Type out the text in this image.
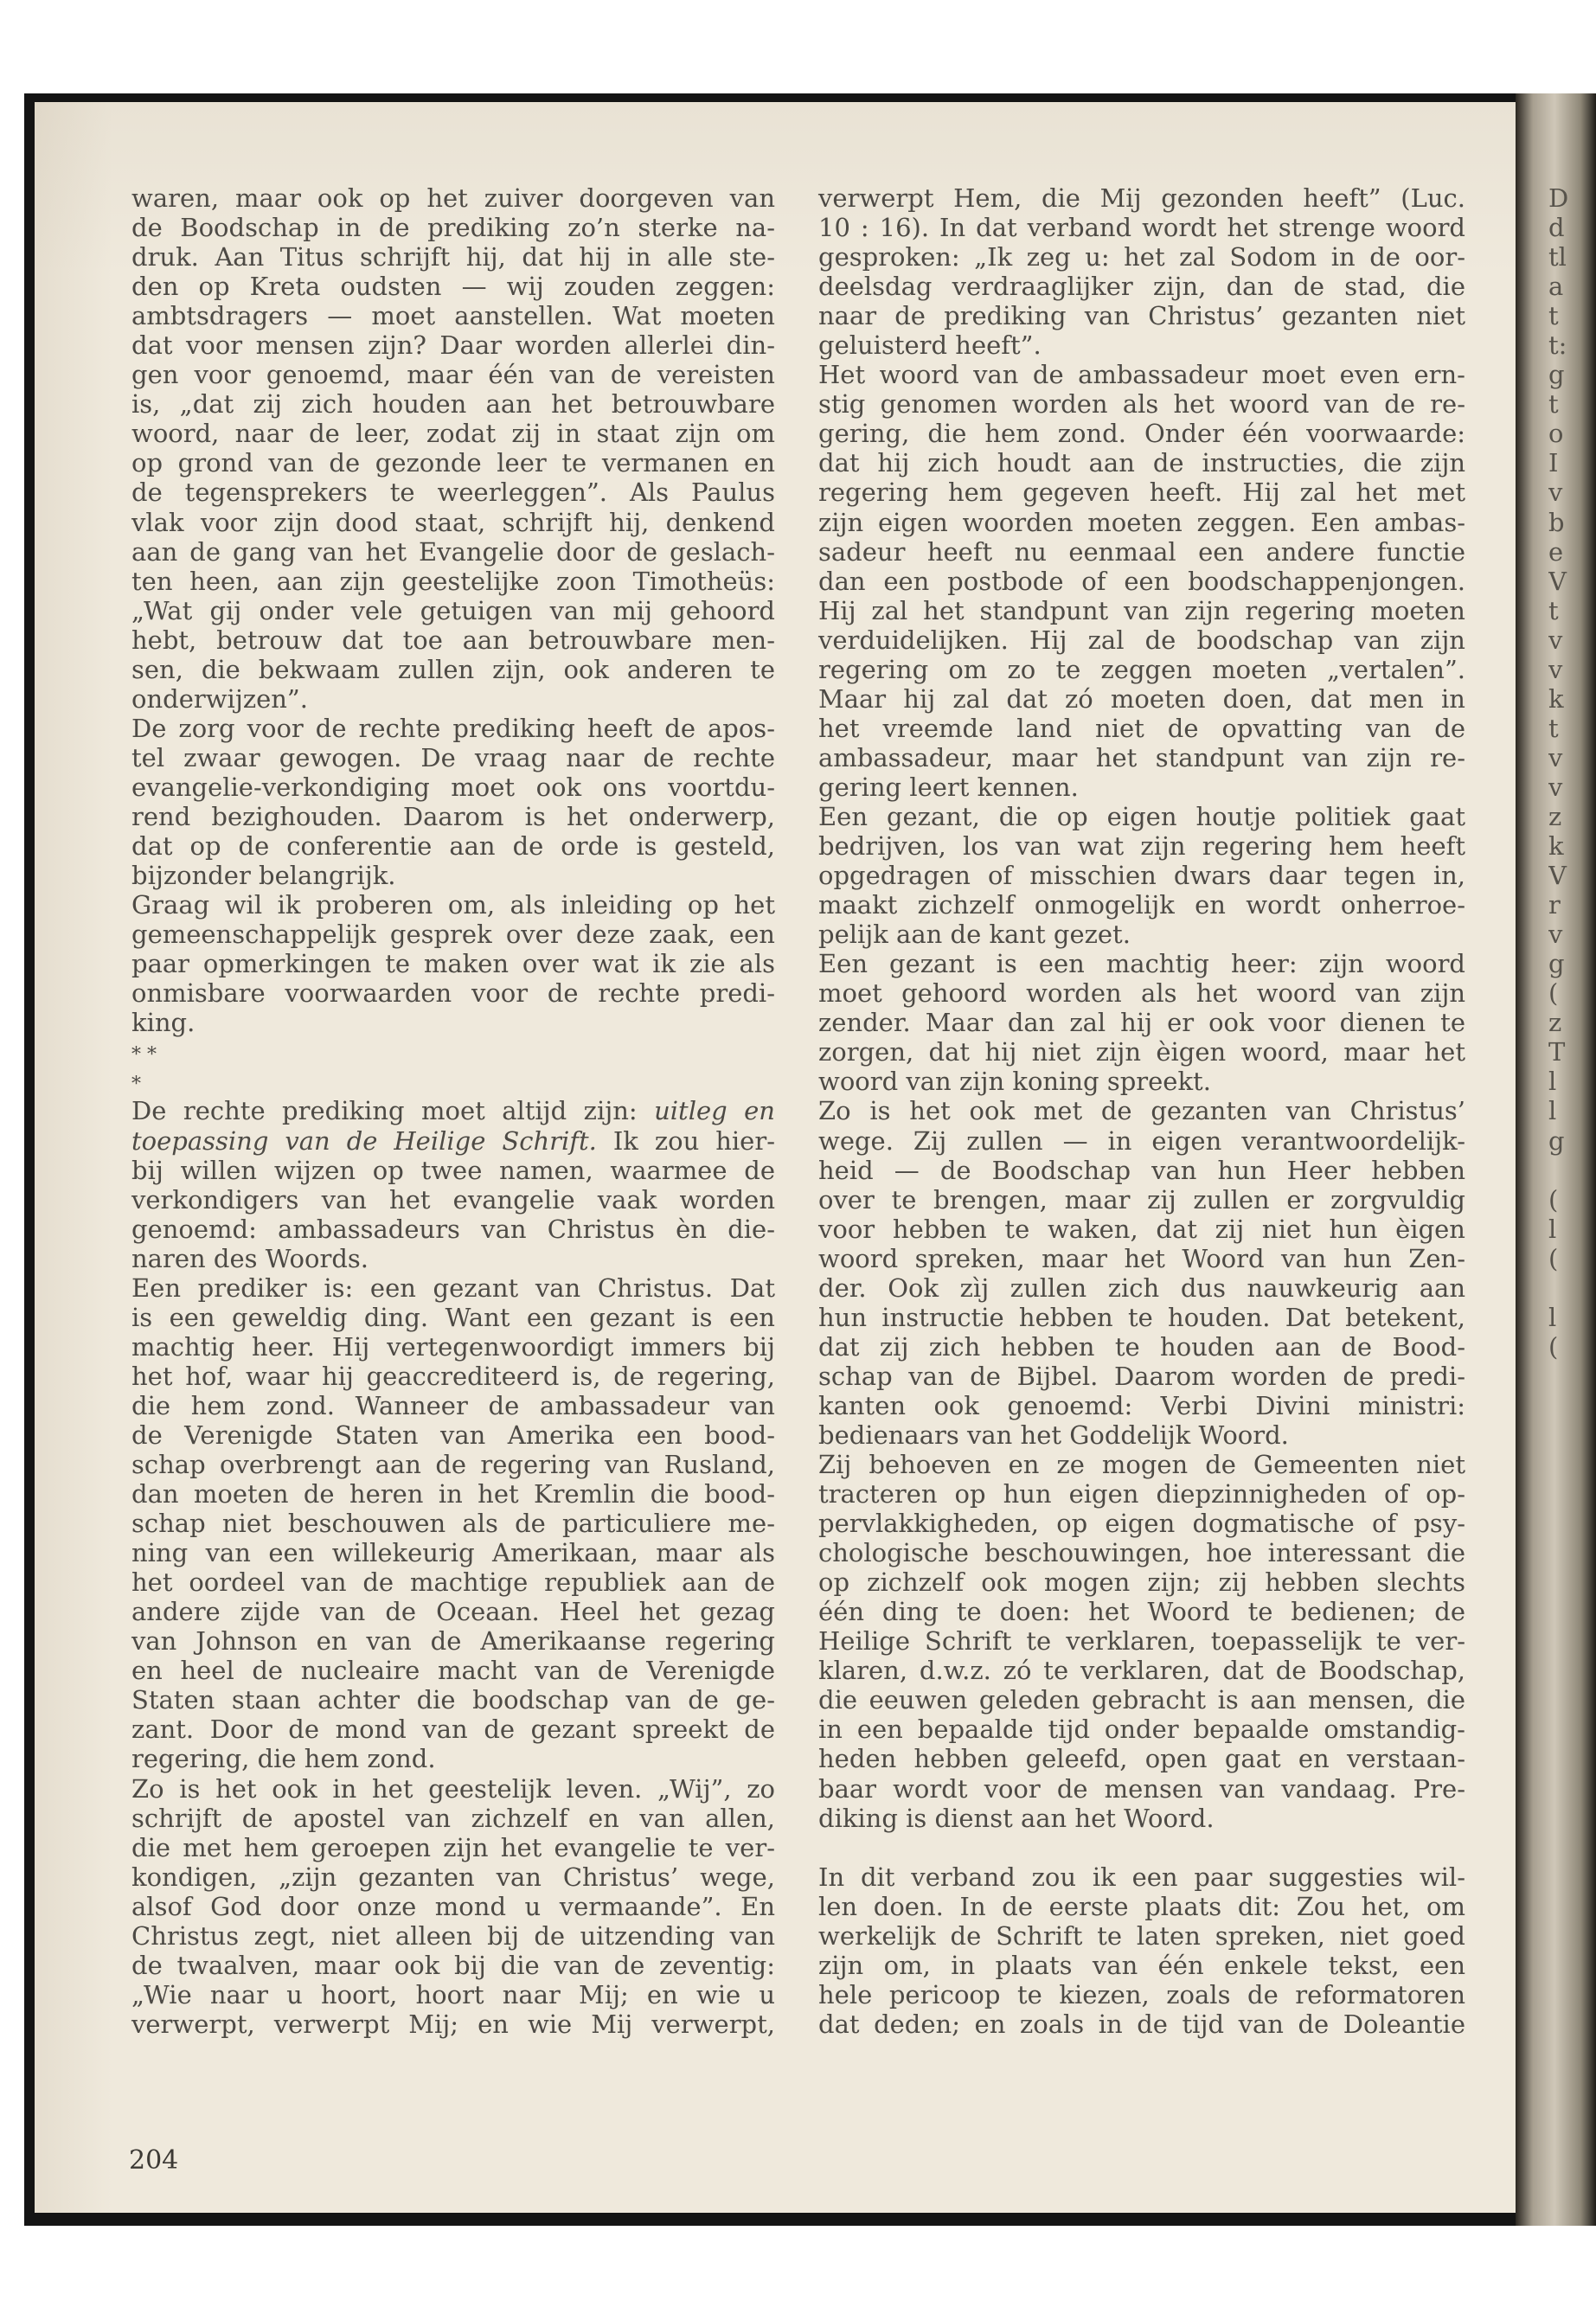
waren, maar ook op het zuiver doorgeven van
de Boodschap in de prediking zo’n sterke na-
druk. Aan Titus schrijft hij, dat hij in alle ste-
den op Kreta oudsten — wij zouden zeggen:
ambtsdragers — moet aanstellen. Wat moeten
dat voor mensen zijn? Daar worden allerlei din-
gen voor genoemd, maar één van de vereisten
is, „dat zij zich houden aan het betrouwbare
woord, naar de leer, zodat zij in staat zijn om
op grond van de gezonde leer te vermanen en
de tegensprekers te weerleggen”. Als Paulus
vlak voor zijn dood staat, schrijft hij, denkend
aan de gang van het Evangelie door de geslach-
ten heen, aan zijn geestelijke zoon Timotheüs:
„Wat gij onder vele getuigen van mij gehoord
hebt, betrouw dat toe aan betrouwbare men-
sen, die bekwaam zullen zijn, ook anderen te
onderwijzen”.
De zorg voor de rechte prediking heeft de apos-
tel zwaar gewogen. De vraag naar de rechte
evangelie-verkondiging moet ook ons voortdu-
rend bezighouden. Daarom is het onderwerp,
dat op de conferentie aan de orde is gesteld,
bijzonder belangrijk.
Graag wil ik proberen om, als inleiding op het
gemeenschappelijk gesprek over deze zaak, een
paar opmerkingen te maken over wat ik zie als
onmisbare voorwaarden voor de rechte predi-
king.
* *
*
De rechte prediking moet altijd zijn: uitleg en
toepassing van de Heilige Schrift. Ik zou hier-
bij willen wijzen op twee namen, waarmee de
verkondigers van het evangelie vaak worden
genoemd: ambassadeurs van Christus èn die-
naren des Woords.
Een prediker is: een gezant van Christus. Dat
is een geweldig ding. Want een gezant is een
machtig heer. Hij vertegenwoordigt immers bij
het hof, waar hij geaccrediteerd is, de regering,
die hem zond. Wanneer de ambassadeur van
de Verenigde Staten van Amerika een bood-
schap overbrengt aan de regering van Rusland,
dan moeten de heren in het Kremlin die bood-
schap niet beschouwen als de particuliere me-
ning van een willekeurig Amerikaan, maar als
het oordeel van de machtige republiek aan de
andere zijde van de Oceaan. Heel het gezag
van Johnson en van de Amerikaanse regering
en heel de nucleaire macht van de Verenigde
Staten staan achter die boodschap van de ge-
zant. Door de mond van de gezant spreekt de
regering, die hem zond.
Zo is het ook in het geestelijk leven. „Wij”, zo
schrijft de apostel van zichzelf en van allen,
die met hem geroepen zijn het evangelie te ver-
kondigen, „zijn gezanten van Christus’ wege,
alsof God door onze mond u vermaande”. En
Christus zegt, niet alleen bij de uitzending van
de twaalven, maar ook bij die van de zeventig:
„Wie naar u hoort, hoort naar Mij; en wie u
verwerpt, verwerpt Mij; en wie Mij verwerpt,
verwerpt Hem, die Mij gezonden heeft” (Luc.
10 : 16). In dat verband wordt het strenge woord
gesproken: „Ik zeg u: het zal Sodom in de oor-
deelsdag verdraaglijker zijn, dan de stad, die
naar de prediking van Christus’ gezanten niet
geluisterd heeft”.
Het woord van de ambassadeur moet even ern-
stig genomen worden als het woord van de re-
gering, die hem zond. Onder één voorwaarde:
dat hij zich houdt aan de instructies, die zijn
regering hem gegeven heeft. Hij zal het met
zijn eigen woorden moeten zeggen. Een ambas-
sadeur heeft nu eenmaal een andere functie
dan een postbode of een boodschappenjongen.
Hij zal het standpunt van zijn regering moeten
verduidelijken. Hij zal de boodschap van zijn
regering om zo te zeggen moeten „vertalen”.
Maar hij zal dat zó moeten doen, dat men in
het vreemde land niet de opvatting van de
ambassadeur, maar het standpunt van zijn re-
gering leert kennen.
Een gezant, die op eigen houtje politiek gaat
bedrijven, los van wat zijn regering hem heeft
opgedragen of misschien dwars daar tegen in,
maakt zichzelf onmogelijk en wordt onherroe-
pelijk aan de kant gezet.
Een gezant is een machtig heer: zijn woord
moet gehoord worden als het woord van zijn
zender. Maar dan zal hij er ook voor dienen te
zorgen, dat hij niet zijn èigen woord, maar het
woord van zijn koning spreekt.
Zo is het ook met de gezanten van Christus’
wege. Zij zullen — in eigen verantwoordelijk-
heid — de Boodschap van hun Heer hebben
over te brengen, maar zij zullen er zorgvuldig
voor hebben te waken, dat zij niet hun èigen
woord spreken, maar het Woord van hun Zen-
der. Ook zìj zullen zich dus nauwkeurig aan
hun instructie hebben te houden. Dat betekent,
dat zij zich hebben te houden aan de Bood-
schap van de Bijbel. Daarom worden de predi-
kanten ook genoemd: Verbi Divini ministri:
bedienaars van het Goddelijk Woord.
Zij behoeven en ze mogen de Gemeenten niet
tracteren op hun eigen diepzinnigheden of op-
pervlakkigheden, op eigen dogmatische of psy-
chologische beschouwingen, hoe interessant die
op zichzelf ook mogen zijn; zij hebben slechts
één ding te doen: het Woord te bedienen; de
Heilige Schrift te verklaren, toepasselijk te ver-
klaren, d.w.z. zó te verklaren, dat de Boodschap,
die eeuwen geleden gebracht is aan mensen, die
in een bepaalde tijd onder bepaalde omstandig-
heden hebben geleefd, open gaat en verstaan-
baar wordt voor de mensen van vandaag. Pre-
diking is dienst aan het Woord.
In dit verband zou ik een paar suggesties wil-
len doen. In de eerste plaats dit: Zou het, om
werkelijk de Schrift te laten spreken, niet goed
zijn om, in plaats van één enkele tekst, een
hele pericoop te kiezen, zoals de reformatoren
dat deden; en zoals in de tijd van de Doleantie
D
d
tl
a
t
t:
g
t
o
I
v
b
e
V
t
v
v
k
t
v
v
z
k
V
r
v
g
(
z
T
l
l
g
(
l
(
l
(
204
